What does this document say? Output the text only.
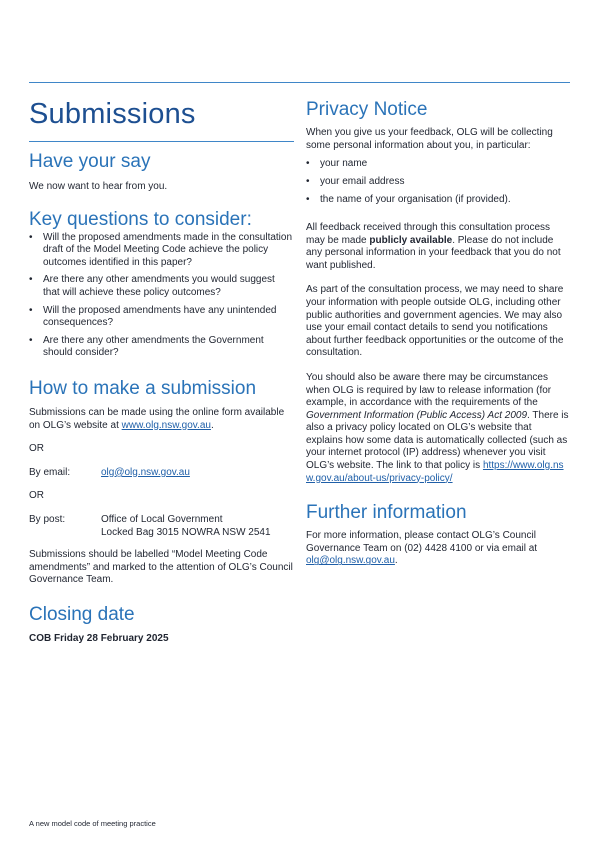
Submissions
Have your say
We now want to hear from you.
Key questions to consider:
• Will the proposed amendments made in the consultation draft of the Model Meeting Code achieve the policy outcomes identified in this paper?
• Are there any other amendments you would suggest that will achieve these policy outcomes?
• Will the proposed amendments have any unintended consequences?
• Are there any other amendments the Government should consider?
How to make a submission
Submissions can be made using the online form available on OLG’s website at www.olg.nsw.gov.au.
OR
By email:	olg@olg.nsw.gov.au
OR
By post:	Office of Local Government
Locked Bag 3015 NOWRA NSW 2541
Submissions should be labelled “Model Meeting Code amendments” and marked to the attention of OLG’s Council Governance Team.
Closing date
COB Friday 28 February 2025
Privacy Notice
When you give us your feedback, OLG will be collecting some personal information about you, in particular:
• your name
• your email address
• the name of your organisation (if provided).
All feedback received through this consultation process may be made publicly available. Please do not include any personal information in your feedback that you do not want published.
As part of the consultation process, we may need to share your information with people outside OLG, including other public authorities and government agencies. We may also use your email contact details to send you notifications about further feedback opportunities or the outcome of the consultation.
You should also be aware there may be circumstances when OLG is required by law to release information (for example, in accordance with the requirements of the Government Information (Public Access) Act 2009. There is also a privacy policy located on OLG’s website that explains how some data is automatically collected (such as your internet protocol (IP) address) whenever you visit OLG’s website. The link to that policy is https://www.olg.nsw.gov.au/about-us/privacy-policy/
Further information
For more information, please contact OLG’s Council Governance Team on (02) 4428 4100 or via email at olg@olg.nsw.gov.au.
A new model code of meeting practice
